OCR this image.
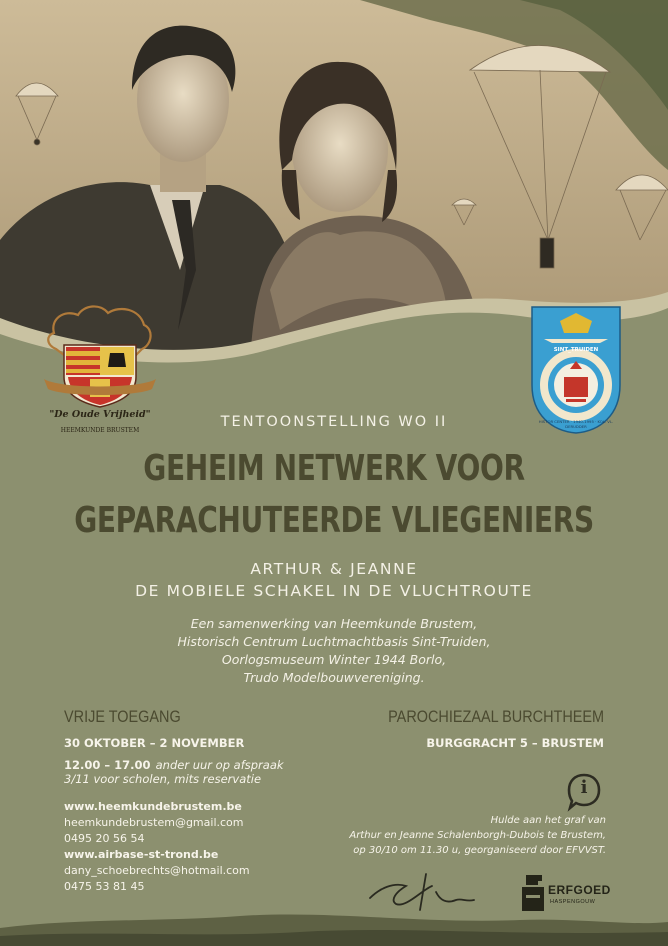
"De Oude Vrijheid"
HEEMKUNDE BRUSTEM
SINT_TRUIDEN
HISTOR CENTER · 1940-1995 · KOL. VL. DERUDDER
TENTOONSTELLING WO II
GEHEIM NETWERK VOOR
GEPARACHUTEERDE VLIEGENIERS
ARTHUR & JEANNE
DE MOBIELE SCHAKEL IN DE VLUCHTROUTE
Een samenwerking van Heemkunde Brustem,
Historisch Centrum Luchtmachtbasis Sint-Truiden,
Oorlogsmuseum Winter 1944 Borlo,
Trudo Modelbouwvereniging.
VRIJE TOEGANG
30 OKTOBER – 2 NOVEMBER
12.00 – 17.00 ander uur op afspraak
3/11 voor scholen, mits reservatie
PAROCHIEZAAL BURCHTHEEM
BURGGRACHT 5 – BRUSTEM
www.heemkundebrustem.be
heemkundebrustem@gmail.com
0495 20 56 54
www.airbase-st-trond.be
dany_schoebrechts@hotmail.com
0475 53 81 45
i
Hulde aan het graf van
Arthur en Jeanne Schalenborgh-Dubois te Brustem,
op 30/10 om 11.30 u, georganiseerd door EFVVST.
ERFGOED
HASPENGOUW
